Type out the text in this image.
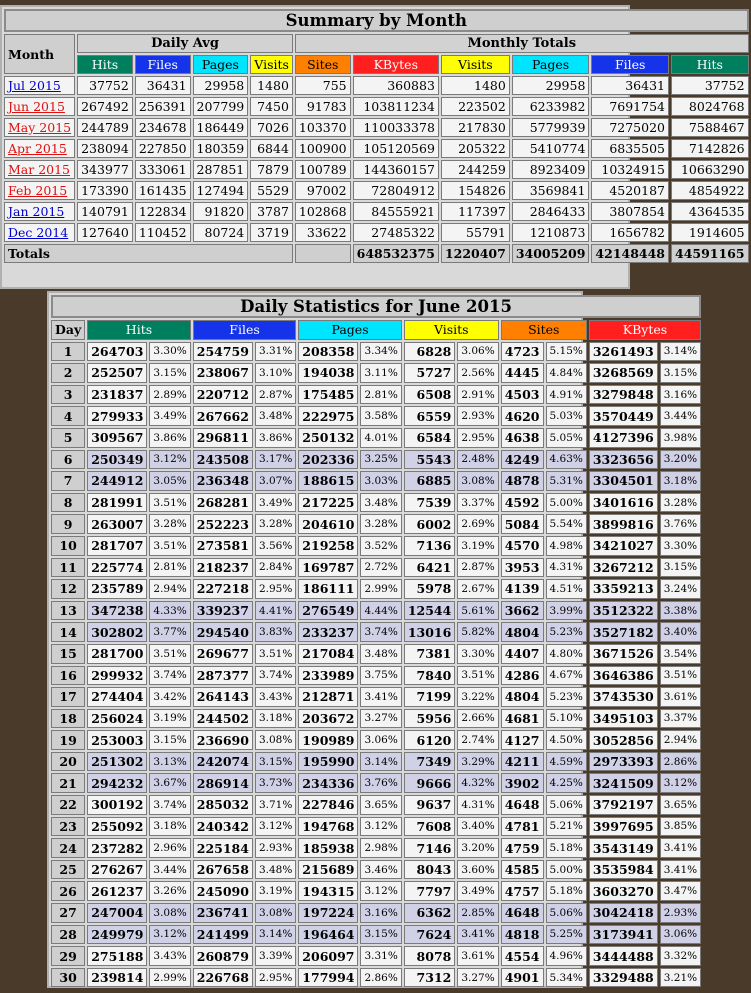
Summary by Month										
Month	Daily Avg				Monthly Totals					
	Hits	Files	Pages	Visits	Sites	KBytes	Visits	Pages	Files	Hits
Jul 2015	37752	36431	29958	1480	755	360883	1480	29958	36431	37752
Jun 2015	267492	256391	207799	7450	91783	103811234	223502	6233982	7691754	8024768
May 2015	244789	234678	186449	7026	103370	110033378	217830	5779939	7275020	7588467
Apr 2015	238094	227850	180359	6844	100900	105120569	205322	5410774	6835505	7142826
Mar 2015	343977	333061	287851	7879	100789	144360157	244259	8923409	10324915	10663290
Feb 2015	173390	161435	127494	5529	97002	72804912	154826	3569841	4520187	4854922
Jan 2015	140791	122834	91820	3787	102868	84555921	117397	2846433	3807854	4364535
Dec 2014	127640	110452	80724	3719	33622	27485322	55791	1210873	1656782	1914605
Totals						648532375	1220407	34005209	42148448	44591165
Daily Statistics for June 2015												
Day	Hits		Files		Pages		Visits		Sites		KBytes	
1	264703	3.30%	254759	3.31%	208358	3.34%	6828	3.06%	4723	5.15%	3261493	3.14%
2	252507	3.15%	238067	3.10%	194038	3.11%	5727	2.56%	4445	4.84%	3268569	3.15%
3	231837	2.89%	220712	2.87%	175485	2.81%	6508	2.91%	4503	4.91%	3279848	3.16%
4	279933	3.49%	267662	3.48%	222975	3.58%	6559	2.93%	4620	5.03%	3570449	3.44%
5	309567	3.86%	296811	3.86%	250132	4.01%	6584	2.95%	4638	5.05%	4127396	3.98%
6	250349	3.12%	243508	3.17%	202336	3.25%	5543	2.48%	4249	4.63%	3323656	3.20%
7	244912	3.05%	236348	3.07%	188615	3.03%	6885	3.08%	4878	5.31%	3304501	3.18%
8	281991	3.51%	268281	3.49%	217225	3.48%	7539	3.37%	4592	5.00%	3401616	3.28%
9	263007	3.28%	252223	3.28%	204610	3.28%	6002	2.69%	5084	5.54%	3899816	3.76%
10	281707	3.51%	273581	3.56%	219258	3.52%	7136	3.19%	4570	4.98%	3421027	3.30%
11	225774	2.81%	218237	2.84%	169787	2.72%	6421	2.87%	3953	4.31%	3267212	3.15%
12	235789	2.94%	227218	2.95%	186111	2.99%	5978	2.67%	4139	4.51%	3359213	3.24%
13	347238	4.33%	339237	4.41%	276549	4.44%	12544	5.61%	3662	3.99%	3512322	3.38%
14	302802	3.77%	294540	3.83%	233237	3.74%	13016	5.82%	4804	5.23%	3527182	3.40%
15	281700	3.51%	269677	3.51%	217084	3.48%	7381	3.30%	4407	4.80%	3671526	3.54%
16	299932	3.74%	287377	3.74%	233989	3.75%	7840	3.51%	4286	4.67%	3646386	3.51%
17	274404	3.42%	264143	3.43%	212871	3.41%	7199	3.22%	4804	5.23%	3743530	3.61%
18	256024	3.19%	244502	3.18%	203672	3.27%	5956	2.66%	4681	5.10%	3495103	3.37%
19	253003	3.15%	236690	3.08%	190989	3.06%	6120	2.74%	4127	4.50%	3052856	2.94%
20	251302	3.13%	242074	3.15%	195990	3.14%	7349	3.29%	4211	4.59%	2973393	2.86%
21	294232	3.67%	286914	3.73%	234336	3.76%	9666	4.32%	3902	4.25%	3241509	3.12%
22	300192	3.74%	285032	3.71%	227846	3.65%	9637	4.31%	4648	5.06%	3792197	3.65%
23	255092	3.18%	240342	3.12%	194768	3.12%	7608	3.40%	4781	5.21%	3997695	3.85%
24	237282	2.96%	225184	2.93%	185938	2.98%	7146	3.20%	4759	5.18%	3543149	3.41%
25	276267	3.44%	267658	3.48%	215689	3.46%	8043	3.60%	4585	5.00%	3535984	3.41%
26	261237	3.26%	245090	3.19%	194315	3.12%	7797	3.49%	4757	5.18%	3603270	3.47%
27	247004	3.08%	236741	3.08%	197224	3.16%	6362	2.85%	4648	5.06%	3042418	2.93%
28	249979	3.12%	241499	3.14%	196464	3.15%	7624	3.41%	4818	5.25%	3173941	3.06%
29	275188	3.43%	260879	3.39%	206097	3.31%	8078	3.61%	4554	4.96%	3444488	3.32%
30	239814	2.99%	226768	2.95%	177994	2.86%	7312	3.27%	4901	5.34%	3329488	3.21%
